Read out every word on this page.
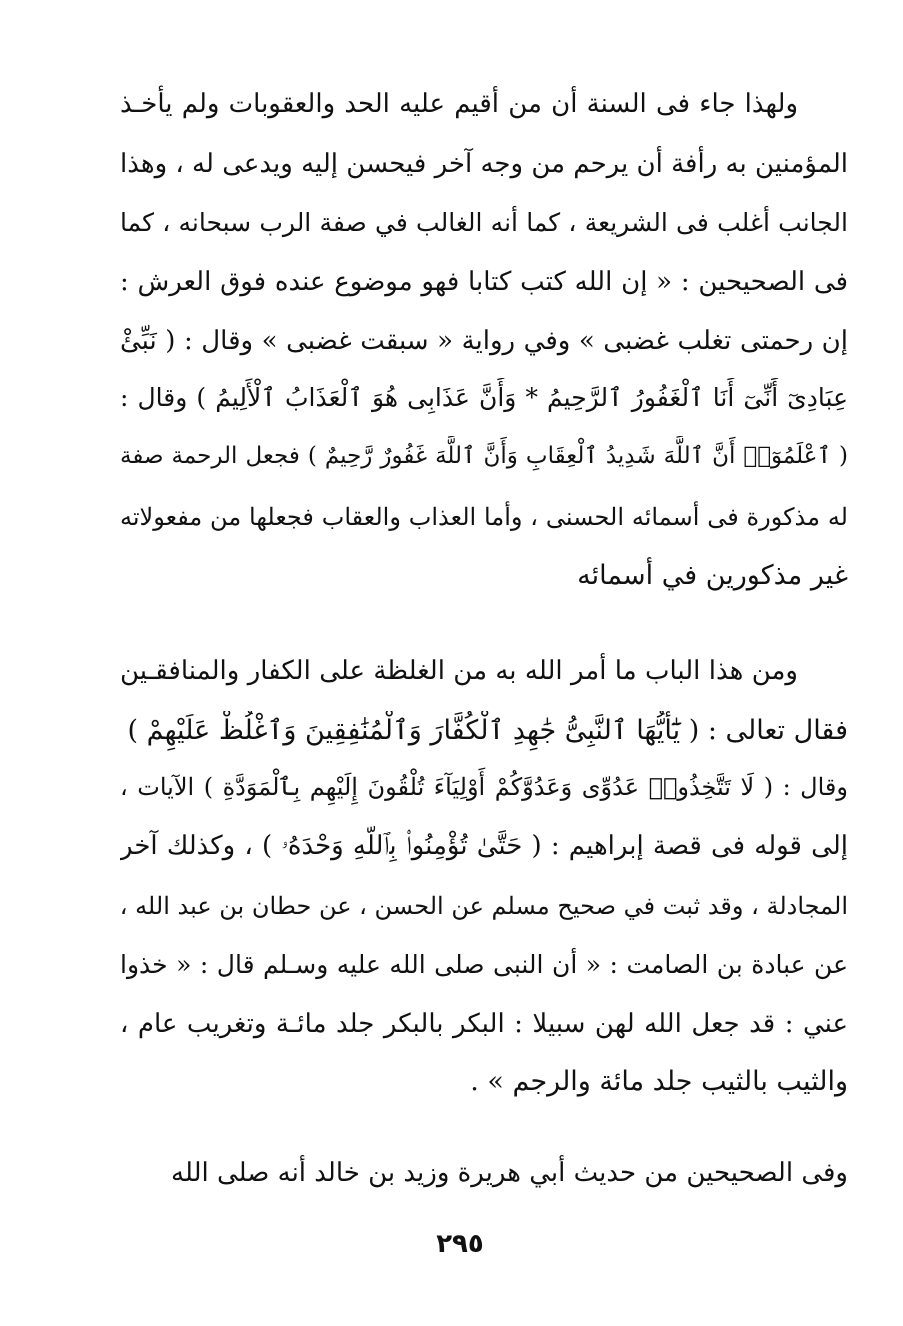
ولهذا جاء فى السنة أن من أقيم عليه الحد والعقوبات ولم يأخـذ
المؤمنين به رأفة أن يرحم من وجه آخر فيحسن إليه ويدعى له ، وهذا
الجانب أغلب فى الشريعة ، كما أنه الغالب في صفة الرب سبحانه ، كما
فى الصحيحين : « إن الله كتب كتابا فهو موضوع عنده فوق العرش :
إن رحمتى تغلب غضبى » وفي رواية « سبقت غضبى » وقال : ( نَبِّئْ
عِبَادِىٓ أَنِّىٓ أَنَا ٱلْغَفُورُ ٱلرَّحِيمُ * وَأَنَّ عَذَابِى هُوَ ٱلْعَذَابُ ٱلْأَلِيمُ ) وقال :
( ٱعْلَمُوٓا۟ أَنَّ ٱللَّهَ شَدِيدُ ٱلْعِقَابِ وَأَنَّ ٱللَّهَ غَفُورٌ رَّحِيمٌ ) فجعل الرحمة صفة
له مذكورة فى أسمائه الحسنى ، وأما العذاب والعقاب فجعلها من مفعولاته
غير مذكورين في أسمائه
ومن هذا الباب ما أمر الله به من الغلظة على الكفار والمنافقـين
فقال تعالى : ( يَٰٓأَيُّهَا ٱلنَّبِىُّ جَٰهِدِ ٱلْكُفَّارَ وَٱلْمُنَٰفِقِينَ وَٱغْلُظْ عَلَيْهِمْ )
وقال : ( لَا تَتَّخِذُوا۟ عَدُوِّى وَعَدُوَّكُمْ أَوْلِيَآءَ تُلْقُونَ إِلَيْهِم بِٱلْمَوَدَّةِ ) الآيات ،
إلى قوله فى قصة إبراهيم : ( حَتَّىٰ تُؤْمِنُوا۟ بِٱللَّهِ وَحْدَهُۥ ) ، وكذلك آخر
المجادلة ، وقد ثبت في صحيح مسلم عن الحسن ، عن حطان بن عبد الله ،
عن عبادة بن الصامت : « أن النبى صلى الله عليه وسـلم قال : « خذوا
عني : قد جعل الله لهن سبيلا : البكر بالبكر جلد مائـة وتغريب عام ،
والثيب بالثيب جلد مائة والرجم » .
وفى الصحيحين من حديث أبي هريرة وزيد بن خالد أنه صلى الله
٢٩٥
